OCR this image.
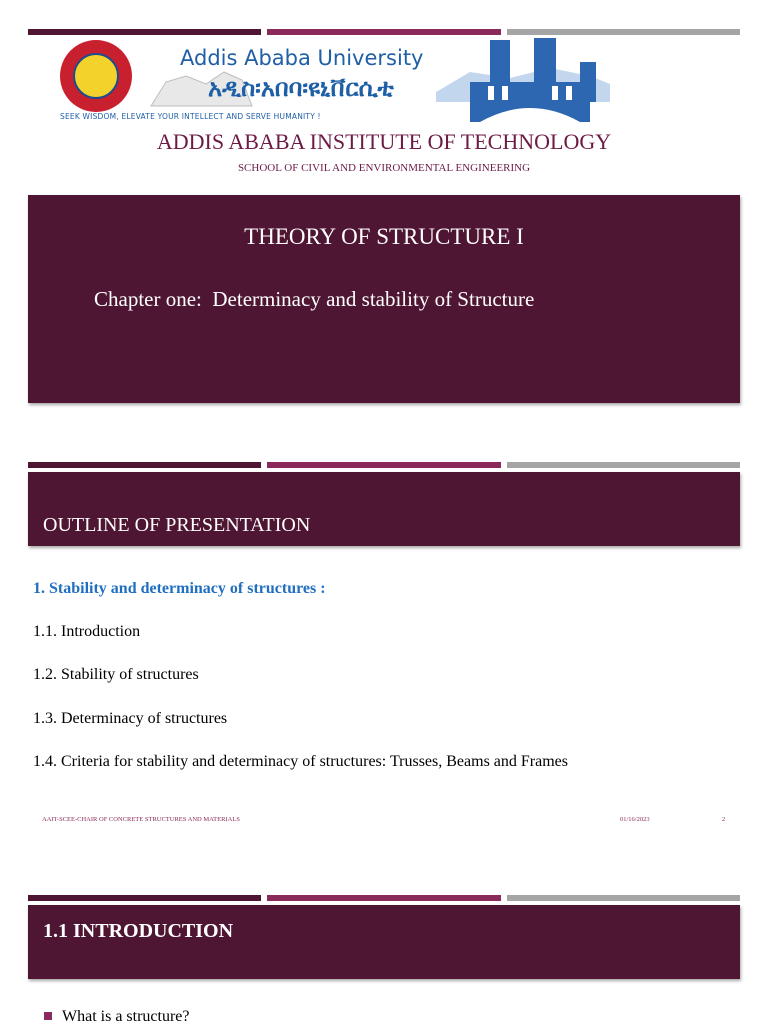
Addis Ababa University
አዲስ፡አበባ፡ዩኒቨርሲቲ
SEEK WISDOM, ELEVATE YOUR INTELLECT AND SERVE HUMANITY !
ADDIS ABABA INSTITUTE OF TECHNOLOGY
SCHOOL OF CIVIL AND ENVIRONMENTAL ENGINEERING
THEORY OF STRUCTURE I
Chapter one:  Determinacy and stability of Structure
OUTLINE OF PRESENTATION
1. Stability and determinacy of structures :
1.1. Introduction
1.2. Stability of structures
1.3. Determinacy of structures
1.4. Criteria for stability and determinacy of structures: Trusses, Beams and Frames
AAIT-SCEE-CHAIR OF CONCRETE STRUCTURES AND MATERIALS	01/16/2023	2
1.1 INTRODUCTION
What is a structure?
